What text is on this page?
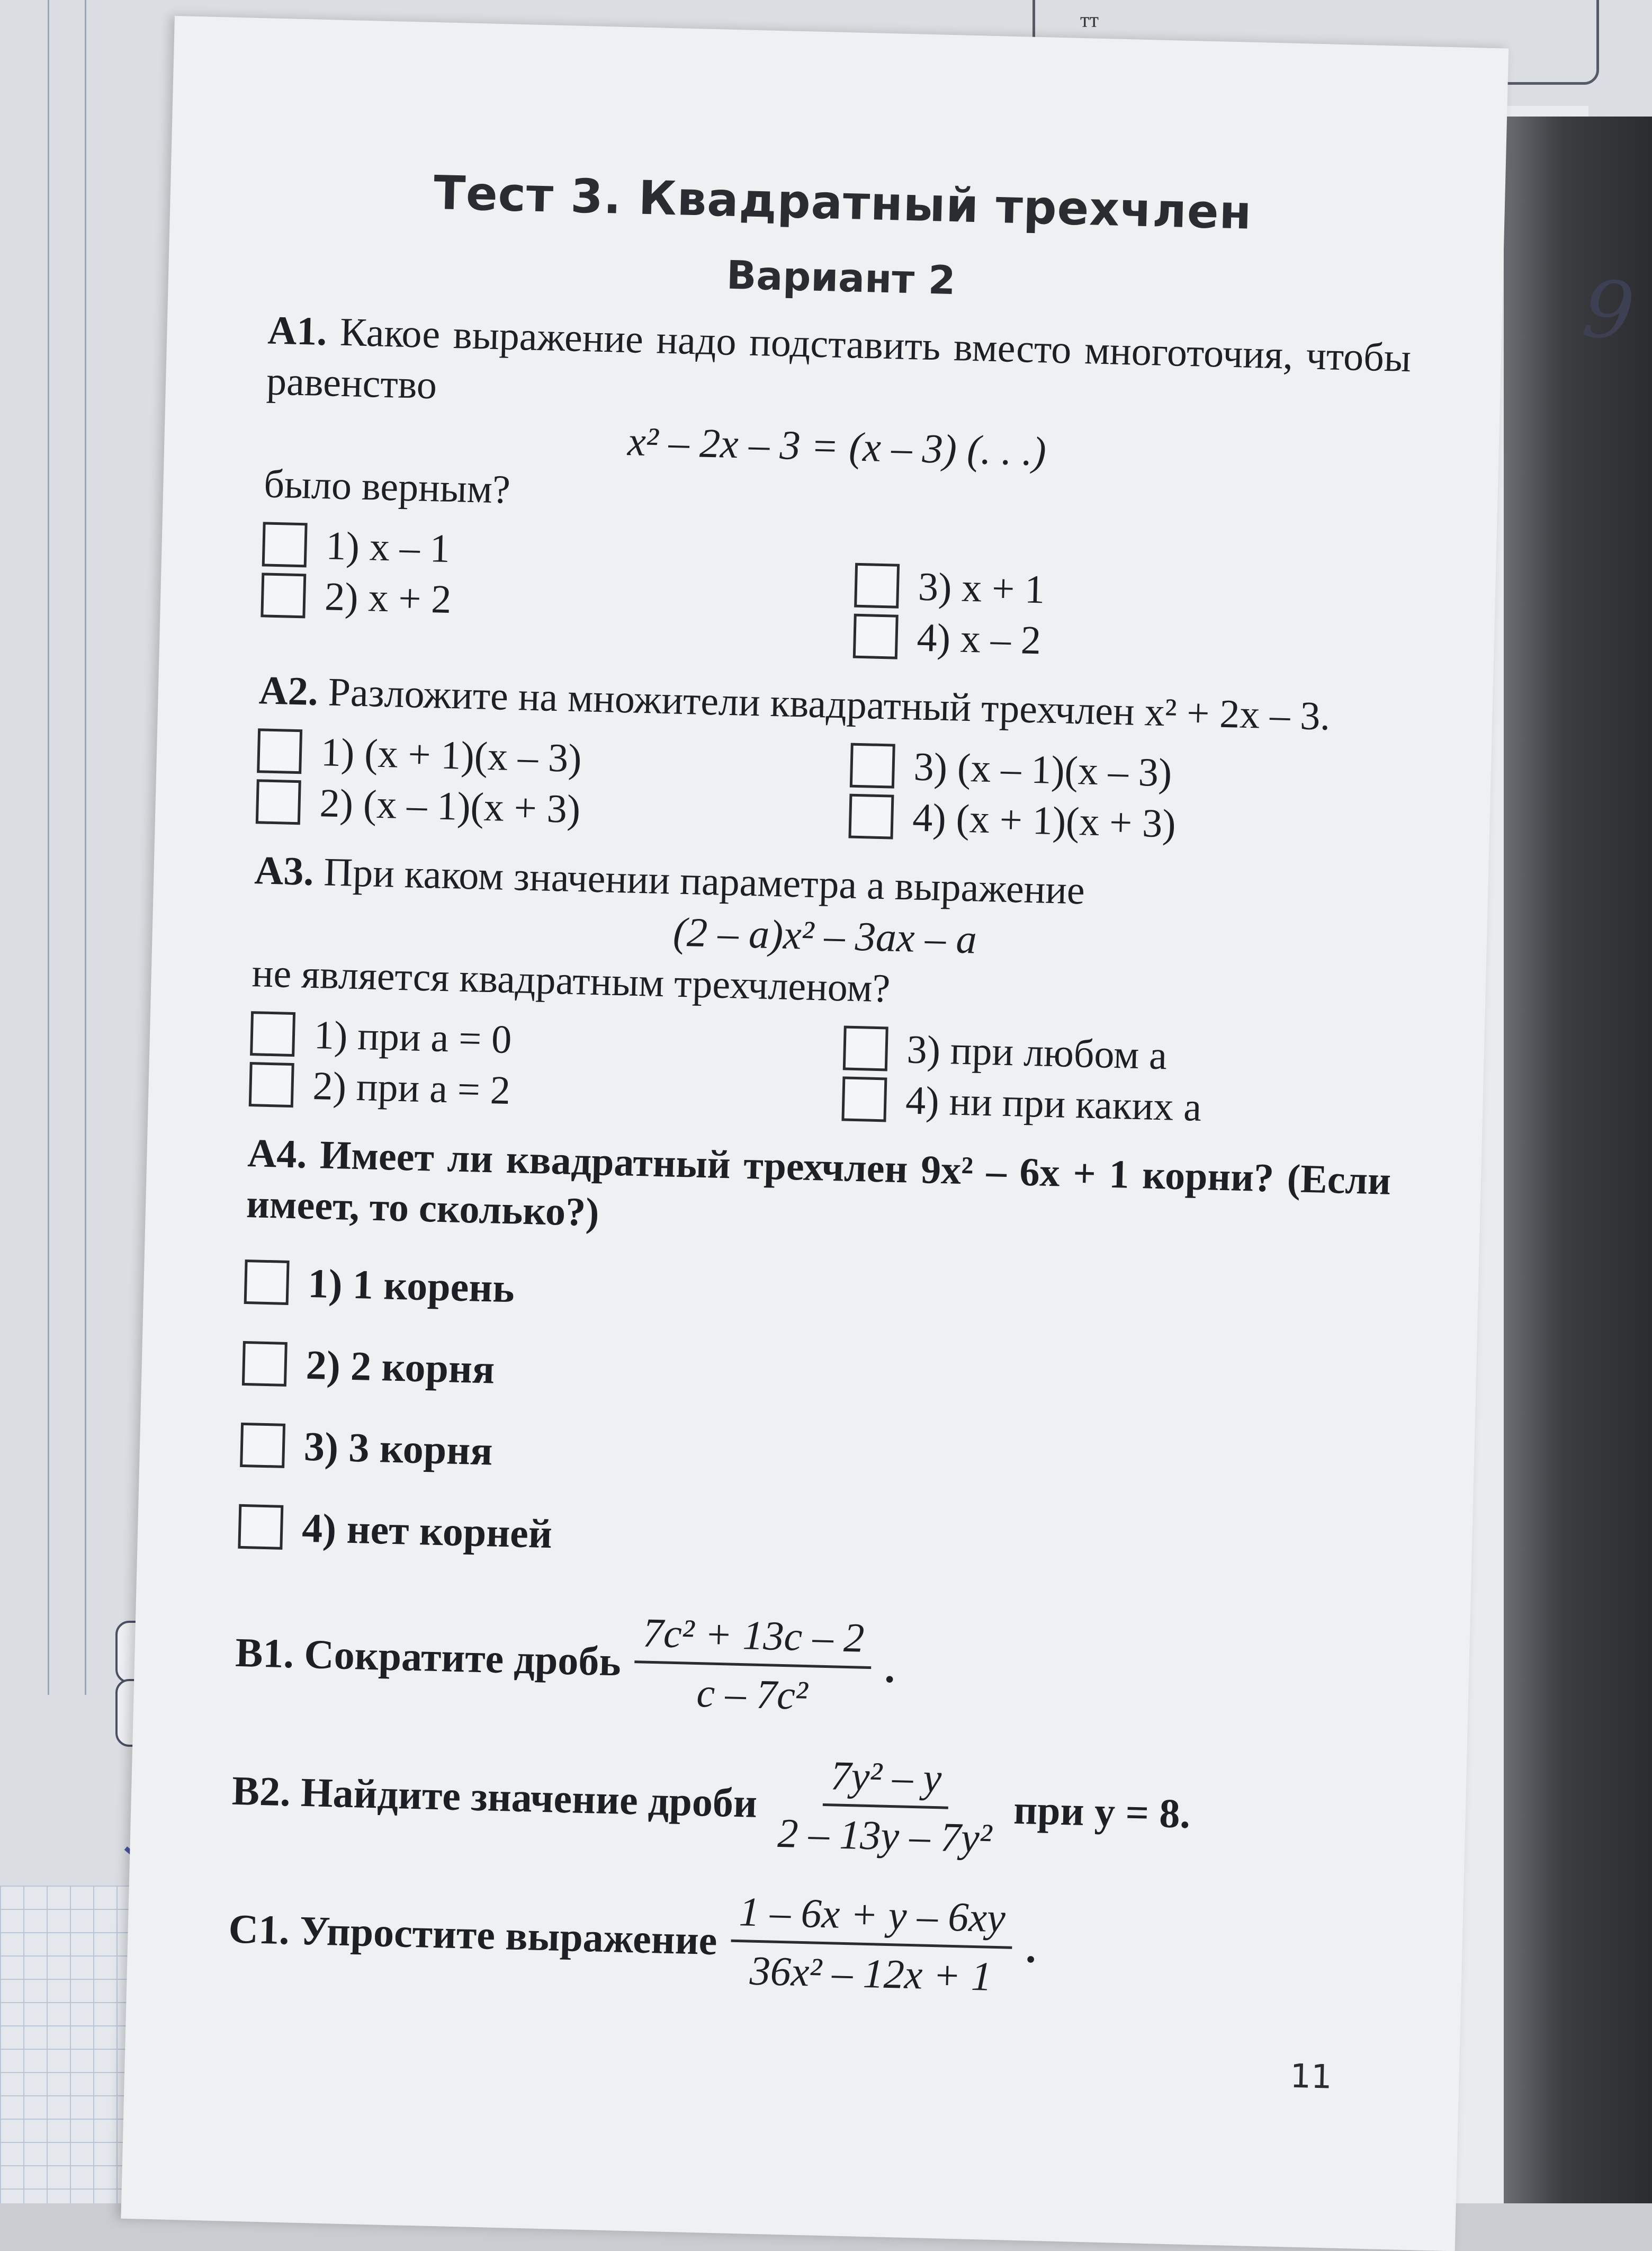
9
тт
Тест 3. Квадратный трехчлен
Вариант 2
А1. Какое выражение надо подставить вместо многоточия, чтобы равенство
x² – 2x – 3 = (x – 3) (. . .)
было верным?
1) x – 1
2) x + 2	3) x + 1
4) x – 2
А2. Разложите на множители квадратный трехчлен x² + 2x – 3.
1) (x + 1)(x – 3)
2) (x – 1)(x + 3)
3) (x – 1)(x – 3)
4) (x + 1)(x + 3)
А3. При каком значении параметра a выражение
(2 – a)x² – 3ax – a
не является квадратным трехчленом?
1) при a = 0
2) при a = 2
3) при любом a
4) ни при каких a
А4. Имеет ли квадратный трехчлен 9x² – 6x + 1 корни? (Если имеет, то сколько?)
1) 1 корень
2) 2 корня
3) 3 корня
4) нет корней
В1.
Сократите дробь $\frac{\text{7c² + 13c – 2}}{\text{c – 7c²}}$ .
В2.
Найдите значение дроби $\frac{\text{7y² – y}}{\text{2 – 13y – 7y²}}$ при y = 8.
С1.
Упростите выражение $\frac{1 - 6x + y - 6xy}{\text{36x² – 12x + 1}}$ .
11
